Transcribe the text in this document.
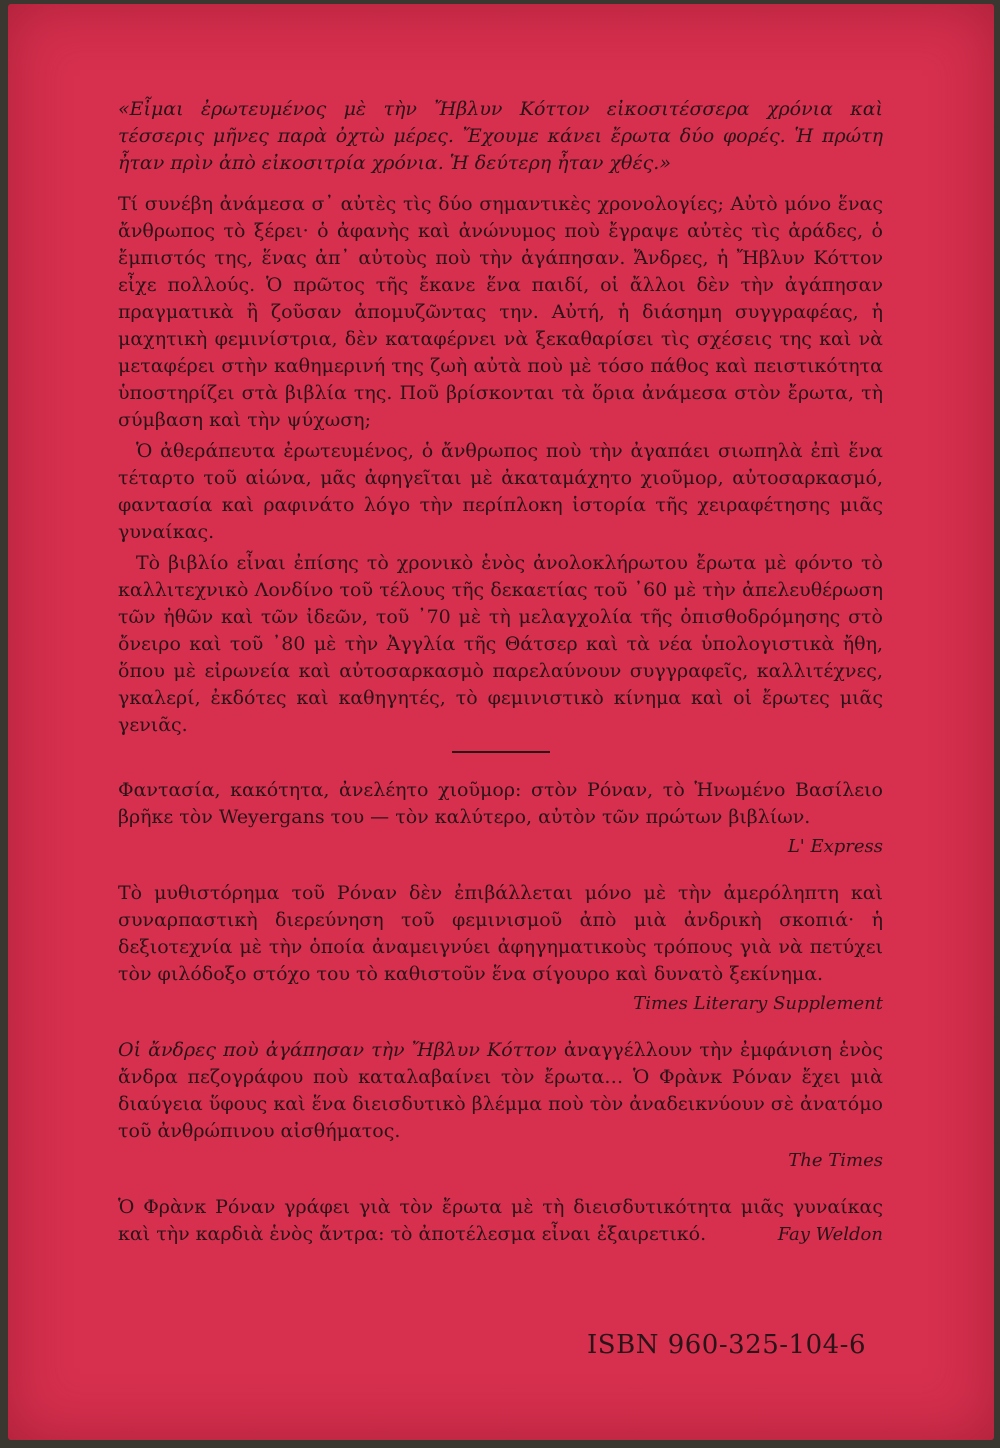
«Εἶμαι ἐρωτευμένος μὲ τὴν Ἤβλυν Κόττον εἰκοσιτέσσερα χρόνια καὶ τέσσερις μῆνες παρὰ ὀχτὼ μέρες. Ἔχουμε κάνει ἔρωτα δύο φορές. Ἡ πρώτη ἦταν πρὶν ἀπὸ εἰκοσιτρία χρόνια. Ἡ δεύτερη ἦταν χθές.»

Τί συνέβη ἀνάμεσα σ᾽ αὐτὲς τὶς δύο σημαντικὲς χρονολογίες; Αὐτὸ μόνο ἕνας ἄνθρωπος τὸ ξέρει· ὁ ἀφανὴς καὶ ἀνώνυμος ποὺ ἔγραψε αὐτὲς τὶς ἀράδες, ὁ ἔμπιστός της, ἕνας ἀπ᾽ αὐτοὺς ποὺ τὴν ἀγάπησαν. Ἄνδρες, ἡ Ἤβλυν Κόττον εἶχε πολλούς. Ὁ πρῶτος τῆς ἔκανε ἕνα παιδί, οἱ ἄλλοι δὲν τὴν ἀγάπησαν πραγματικὰ ἢ ζοῦσαν ἀπομυζῶντας την. Αὐτή, ἡ διάσημη συγγραφέας, ἡ μαχητικὴ φεμινίστρια, δὲν καταφέρνει νὰ ξεκαθαρίσει τὶς σχέσεις της καὶ νὰ μεταφέρει στὴν καθημερινή της ζωὴ αὐτὰ ποὺ μὲ τόσο πάθος καὶ πειστικότητα ὑποστηρίζει στὰ βιβλία της. Ποῦ βρίσκονται τὰ ὅρια ἀνάμεσα στὸν ἔρωτα, τὴ σύμβαση καὶ τὴν ψύχωση;

Ὁ ἀθεράπευτα ἐρωτευμένος, ὁ ἄνθρωπος ποὺ τὴν ἀγαπάει σιωπηλὰ ἐπὶ ἕνα τέταρτο τοῦ αἰώνα, μᾶς ἀφηγεῖται μὲ ἀκαταμάχητο χιοῦμορ, αὐτοσαρκασμό, φαντασία καὶ ραφινάτο λόγο τὴν περίπλοκη ἱστορία τῆς χειραφέτησης μιᾶς γυναίκας.

Τὸ βιβλίο εἶναι ἐπίσης τὸ χρονικὸ ἑνὸς ἀνολοκλήρωτου ἔρωτα μὲ φόντο τὸ καλλιτεχνικὸ Λονδίνο τοῦ τέλους τῆς δεκαετίας τοῦ ᾽60 μὲ τὴν ἀπελευθέρωση τῶν ἠθῶν καὶ τῶν ἰδεῶν, τοῦ ᾽70 μὲ τὴ μελαγχολία τῆς ὀπισθοδρόμησης στὸ ὄνειρο καὶ τοῦ ᾽80 μὲ τὴν Ἀγγλία τῆς Θάτσερ καὶ τὰ νέα ὑπολογιστικὰ ἤθη, ὅπου μὲ εἰρωνεία καὶ αὐτοσαρκασμὸ παρελαύνουν συγγραφεῖς, καλλιτέχνες, γκαλερί, ἐκδότες καὶ καθηγητές, τὸ φεμινιστικὸ κίνημα καὶ οἱ ἔρωτες μιᾶς γενιᾶς.

Φαντασία, κακότητα, ἀνελέητο χιοῦμορ: στὸν Ρόναν, τὸ Ἡνωμένο Βασίλειο βρῆκε τὸν Weyergans του — τὸν καλύτερο, αὐτὸν τῶν πρώτων βιβλίων.

L' Express

Τὸ μυθιστόρημα τοῦ Ρόναν δὲν ἐπιβάλλεται μόνο μὲ τὴν ἀμερόληπτη καὶ συναρπαστικὴ διερεύνηση τοῦ φεμινισμοῦ ἀπὸ μιὰ ἀνδρικὴ σκοπιά· ἡ δεξιοτεχνία μὲ τὴν ὁποία ἀναμειγνύει ἀφηγηματικοὺς τρόπους γιὰ νὰ πετύχει τὸν φιλόδοξο στόχο του τὸ καθιστοῦν ἕνα σίγουρο καὶ δυνατὸ ξεκίνημα.

Times Literary Supplement

Οἱ ἄνδρες ποὺ ἀγάπησαν τὴν Ἤβλυν Κόττον ἀναγγέλλουν τὴν ἐμφάνιση ἑνὸς ἄνδρα πεζογράφου ποὺ καταλαβαίνει τὸν ἔρωτα… Ὁ Φρὰνκ Ρόναν ἔχει μιὰ διαύγεια ὕφους καὶ ἕνα διεισδυτικὸ βλέμμα ποὺ τὸν ἀναδεικνύουν σὲ ἀνατόμο τοῦ ἀνθρώπινου αἰσθήματος.

The Times

Ὁ Φρὰνκ Ρόναν γράφει γιὰ τὸν ἔρωτα μὲ τὴ διεισδυτικότητα μιᾶς γυναίκας καὶ τὴν καρδιὰ ἑνὸς ἄντρα: τὸ ἀποτέλεσμα εἶναι ἐξαιρετικό.	Fay Weldon

ISBN 960-325-104-6
